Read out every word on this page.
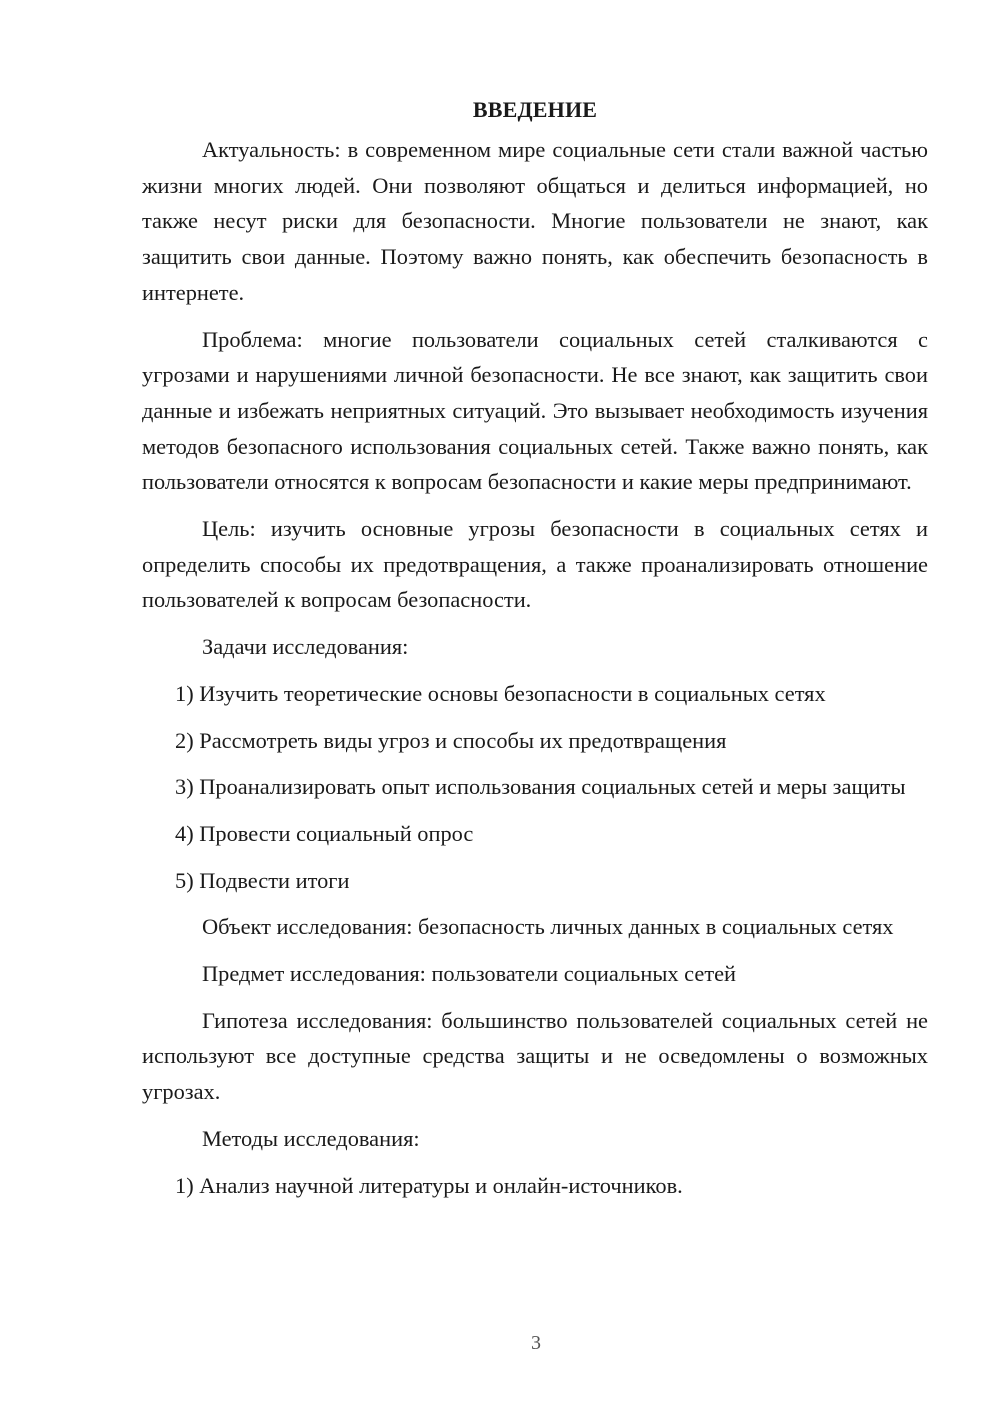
ВВЕДЕНИЕ

Актуальность: в современном мире социальные сети стали важной частью жизни многих людей. Они позволяют общаться и делиться информацией, но также несут риски для безопасности. Многие пользователи не знают, как защитить свои данные. Поэтому важно понять, как обеспечить безопасность в интернете.

Проблема: многие пользователи социальных сетей сталкиваются с угрозами и нарушениями личной безопасности. Не все знают, как защитить свои данные и избежать неприятных ситуаций. Это вызывает необходимость изучения методов безопасного использования социальных сетей. Также важно понять, как пользователи относятся к вопросам безопасности и какие меры предпринимают.

Цель: изучить основные угрозы безопасности в социальных сетях и определить способы их предотвращения, а также проанализировать отношение пользователей к вопросам безопасности.

Задачи исследования:

1) Изучить теоретические основы безопасности в социальных сетях

2) Рассмотреть виды угроз и способы их предотвращения

3) Проанализировать опыт использования социальных сетей и меры защиты

4) Провести социальный опрос

5) Подвести итоги

Объект исследования: безопасность личных данных в социальных сетях

Предмет исследования: пользователи социальных сетей

Гипотеза исследования: большинство пользователей социальных сетей не используют все доступные средства защиты и не осведомлены о возможных угрозах.

Методы исследования:

1) Анализ научной литературы и онлайн-источников.

3
